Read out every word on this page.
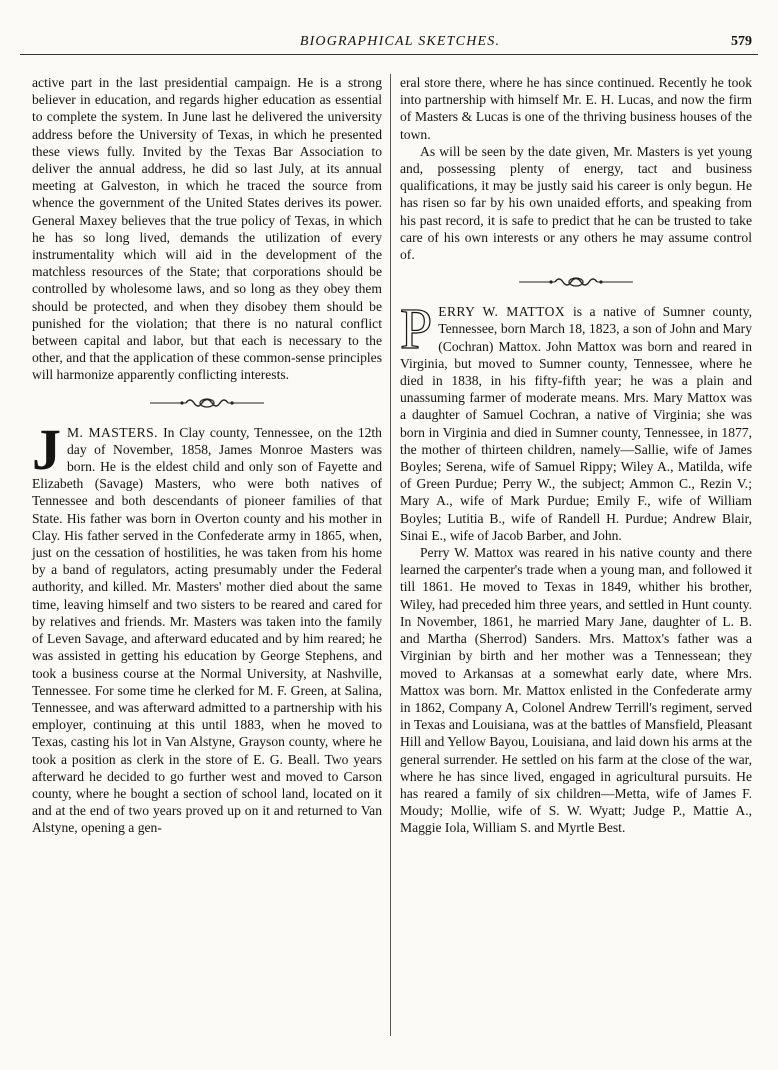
BIOGRAPHICAL SKETCHES.	579

active part in the last presidential campaign. He is a strong believer in education, and regards higher education as essential to complete the system. In June last he delivered the university address before the University of Texas, in which he presented these views fully. Invited by the Texas Bar Association to deliver the annual address, he did so last July, at its annual meeting at Galveston, in which he traced the source from whence the government of the United States derives its power. General Maxey believes that the true policy of Texas, in which he has so long lived, demands the utilization of every instrumentality which will aid in the development of the matchless resources of the State; that corporations should be controlled by wholesome laws, and so long as they obey them should be protected, and when they disobey them should be punished for the violation; that there is no natural conflict between capital and labor, but that each is necessary to the other, and that the application of these common-sense principles will harmonize apparently conflicting interests.

J M. MASTERS. In Clay county, Tennessee, on the 12th day of November, 1858, James Monroe Masters was born. He is the eldest child and only son of Fayette and Elizabeth (Savage) Masters, who were both natives of Tennessee and both descendants of pioneer families of that State. His father was born in Overton county and his mother in Clay. His father served in the Confederate army in 1865, when, just on the cessation of hostilities, he was taken from his home by a band of regulators, acting presumably under the Federal authority, and killed. Mr. Masters' mother died about the same time, leaving himself and two sisters to be reared and cared for by relatives and friends. Mr. Masters was taken into the family of Leven Savage, and afterward educated and by him reared; he was assisted in getting his education by George Stephens, and took a business course at the Normal University, at Nashville, Tennessee. For some time he clerked for M. F. Green, at Salina, Tennessee, and was afterward admitted to a partnership with his employer, continuing at this until 1883, when he moved to Texas, casting his lot in Van Alstyne, Grayson county, where he took a position as clerk in the store of E. G. Beall. Two years afterward he decided to go further west and moved to Carson county, where he bought a section of school land, located on it and at the end of two years proved up on it and returned to Van Alstyne, opening a gen-

eral store there, where he has since continued. Recently he took into partnership with himself Mr. E. H. Lucas, and now the firm of Masters & Lucas is one of the thriving business houses of the town.

As will be seen by the date given, Mr. Masters is yet young and, possessing plenty of energy, tact and business qualifications, it may be justly said his career is only begun. He has risen so far by his own unaided efforts, and speaking from his past record, it is safe to predict that he can be trusted to take care of his own interests or any others he may assume control of.

P ERRY W. MATTOX is a native of Sumner county, Tennessee, born March 18, 1823, a son of John and Mary (Cochran) Mattox. John Mattox was born and reared in Virginia, but moved to Sumner county, Tennessee, where he died in 1838, in his fifty-fifth year; he was a plain and unassuming farmer of moderate means. Mrs. Mary Mattox was a daughter of Samuel Cochran, a native of Virginia; she was born in Virginia and died in Sumner county, Tennessee, in 1877, the mother of thirteen children, namely—Sallie, wife of James Boyles; Serena, wife of Samuel Rippy; Wiley A., Matilda, wife of Green Purdue; Perry W., the subject; Ammon C., Rezin V.; Mary A., wife of Mark Purdue; Emily F., wife of William Boyles; Lutitia B., wife of Randell H. Purdue; Andrew Blair, Sinai E., wife of Jacob Barber, and John.

Perry W. Mattox was reared in his native county and there learned the carpenter's trade when a young man, and followed it till 1861. He moved to Texas in 1849, whither his brother, Wiley, had preceded him three years, and settled in Hunt county. In November, 1861, he married Mary Jane, daughter of L. B. and Martha (Sherrod) Sanders. Mrs. Mattox's father was a Virginian by birth and her mother was a Tennessean; they moved to Arkansas at a somewhat early date, where Mrs. Mattox was born. Mr. Mattox enlisted in the Confederate army in 1862, Company A, Colonel Andrew Terrill's regiment, served in Texas and Louisiana, was at the battles of Mansfield, Pleasant Hill and Yellow Bayou, Louisiana, and laid down his arms at the general surrender. He settled on his farm at the close of the war, where he has since lived, engaged in agricultural pursuits. He has reared a family of six children—Metta, wife of James F. Moudy; Mollie, wife of S. W. Wyatt; Judge P., Mattie A., Maggie Iola, William S. and Myrtle Best.
